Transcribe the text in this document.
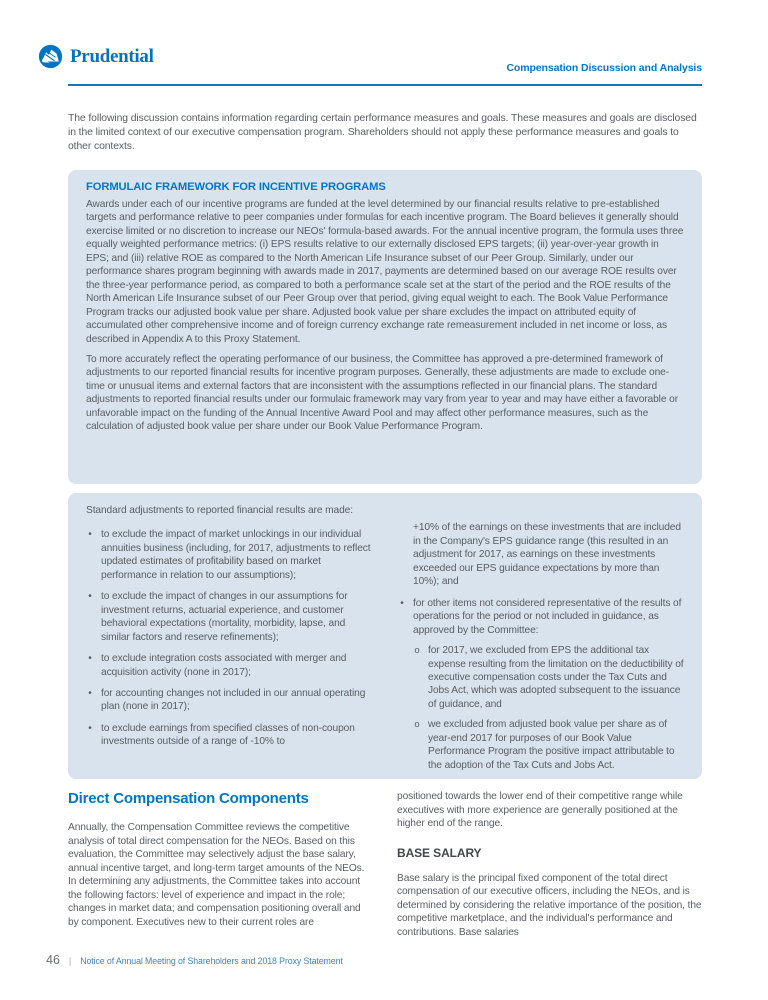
Prudential
Compensation Discussion and Analysis

The following discussion contains information regarding certain performance measures and goals. These measures and goals are disclosed in the limited context of our executive compensation program. Shareholders should not apply these performance measures and goals to other contexts.

FORMULAIC FRAMEWORK FOR INCENTIVE PROGRAMS

Awards under each of our incentive programs are funded at the level determined by our financial results relative to pre-established targets and performance relative to peer companies under formulas for each incentive program. The Board believes it generally should exercise limited or no discretion to increase our NEOs' formula-based awards. For the annual incentive program, the formula uses three equally weighted performance metrics: (i) EPS results relative to our externally disclosed EPS targets; (ii) year-over-year growth in EPS; and (iii) relative ROE as compared to the North American Life Insurance subset of our Peer Group. Similarly, under our performance shares program beginning with awards made in 2017, payments are determined based on our average ROE results over the three-year performance period, as compared to both a performance scale set at the start of the period and the ROE results of the North American Life Insurance subset of our Peer Group over that period, giving equal weight to each. The Book Value Performance Program tracks our adjusted book value per share. Adjusted book value per share excludes the impact on attributed equity of accumulated other comprehensive income and of foreign currency exchange rate remeasurement included in net income or loss, as described in Appendix A to this Proxy Statement.

To more accurately reflect the operating performance of our business, the Committee has approved a pre-determined framework of adjustments to our reported financial results for incentive program purposes. Generally, these adjustments are made to exclude one-time or unusual items and external factors that are inconsistent with the assumptions reflected in our financial plans. The standard adjustments to reported financial results under our formulaic framework may vary from year to year and may have either a favorable or unfavorable impact on the funding of the Annual Incentive Award Pool and may affect other performance measures, such as the calculation of adjusted book value per share under our Book Value Performance Program.

Standard adjustments to reported financial results are made:
• to exclude the impact of market unlockings in our individual annuities business (including, for 2017, adjustments to reflect updated estimates of profitability based on market performance in relation to our assumptions);
• to exclude the impact of changes in our assumptions for investment returns, actuarial experience, and customer behavioral expectations (mortality, morbidity, lapse, and similar factors and reserve refinements);
• to exclude integration costs associated with merger and acquisition activity (none in 2017);
• for accounting changes not included in our annual operating plan (none in 2017);
• to exclude earnings from specified classes of non-coupon investments outside of a range of -10% to
+10% of the earnings on these investments that are included in the Company's EPS guidance range (this resulted in an adjustment for 2017, as earnings on these investments exceeded our EPS guidance expectations by more than 10%); and
• for other items not considered representative of the results of operations for the period or not included in guidance, as approved by the Committee:
o for 2017, we excluded from EPS the additional tax expense resulting from the limitation on the deductibility of executive compensation costs under the Tax Cuts and Jobs Act, which was adopted subsequent to the issuance of guidance, and
o we excluded from adjusted book value per share as of year-end 2017 for purposes of our Book Value Performance Program the positive impact attributable to the adoption of the Tax Cuts and Jobs Act.
Direct Compensation Components

Annually, the Compensation Committee reviews the competitive analysis of total direct compensation for the NEOs. Based on this evaluation, the Committee may selectively adjust the base salary, annual incentive target, and long-term target amounts of the NEOs. In determining any adjustments, the Committee takes into account the following factors: level of experience and impact in the role; changes in market data; and compensation positioning overall and by component. Executives new to their current roles are

positioned towards the lower end of their competitive range while executives with more experience are generally positioned at the higher end of the range.

BASE SALARY

Base salary is the principal fixed component of the total direct compensation of our executive officers, including the NEOs, and is determined by considering the relative importance of the position, the competitive marketplace, and the individual's performance and contributions. Base salaries

46 | Notice of Annual Meeting of Shareholders and 2018 Proxy Statement
